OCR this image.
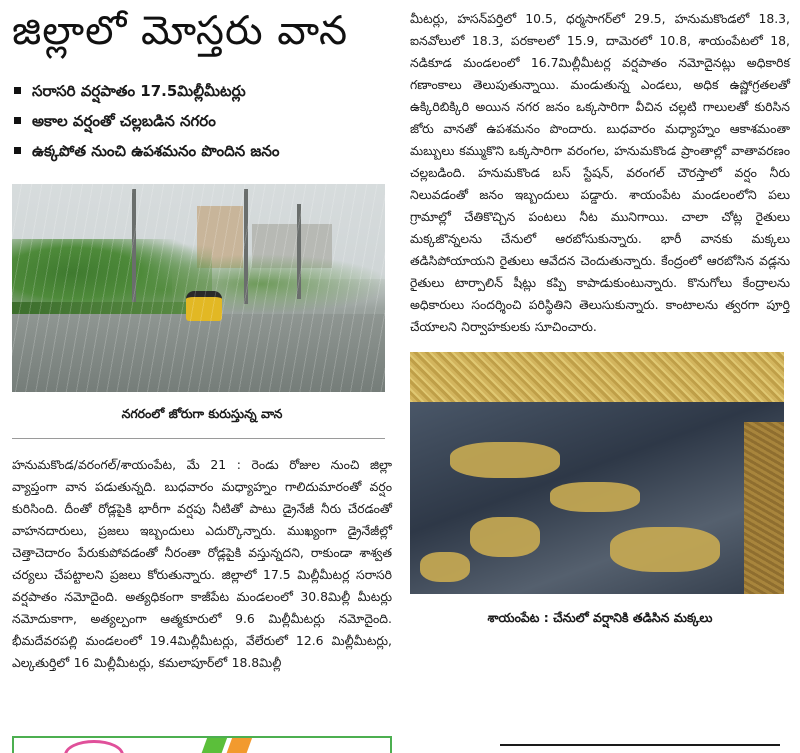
జిల్లాలో మోస్తరు వాన
సరాసరి వర్షపాతం 17.5మిల్లీమీటర్లు
అకాల వర్షంతో చల్లబడిన నగరం
ఉక్కపోత నుంచి ఉపశమనం పొందిన జనం
నగరంలో జోరుగా కురుస్తున్న వాన

హనుమకొండ/వరంగల్/శాయంపేట, మే 21 : రెండు రోజుల నుంచి జిల్లా వ్యాప్తంగా వాన పడుతున్నది. బుధవారం మధ్యాహ్నం గాలిదుమారంతో వర్షం కురిసింది. దీంతో రోడ్లపైకి భారీగా వర్షపు నీటితో పాటు డ్రైనేజీ నీరు చేరడంతో వాహనదారులు, ప్రజలు ఇబ్బందులు ఎదుర్కొన్నారు. ముఖ్యంగా డ్రైనేజీల్లో చెత్తాచెదారం పేరుకుపోవడంతో నీరంతా రోడ్లపైకి వస్తున్నదని, రాకుండా శాశ్వత చర్యలు చేపట్టాలని ప్రజలు కోరుతున్నారు. జిల్లాలో 17.5 మిల్లీమీటర్ల సరాసరి వర్షపాతం నమోదైంది. అత్యధికంగా కాజీపేట మండలంలో 30.8మిల్లీ మీటర్లు నమోదుకాగా, అత్యల్పంగా ఆత్మకూరులో 9.6 మిల్లీమీటర్లు నమోదైంది. భీమదేవరపల్లి మండలంలో 19.4మిల్లీమీటర్లు, వేలేరులో 12.6 మిల్లీమీటర్లు, ఎల్కతుర్తిలో 16 మిల్లీమీటర్లు, కమలాపూర్‌లో 18.8మిల్లీ

మీటర్లు, హసన్‌పర్తిలో 10.5, ధర్మసాగర్‌లో 29.5, హనుమకొండలో 18.3, ఐనవోలులో 18.3, పరకాలలో 15.9, దామెరలో 10.8, శాయంపేటలో 18, నడికూడ మండలంలో 16.7మిల్లీమీటర్ల వర్షపాతం నమోదైనట్లు అధికారిక గణాంకాలు తెలుపుతున్నాయి. మండుతున్న ఎండలు, అధిక ఉష్ణోగ్రతలతో ఉక్కిరిబిక్కిరి అయిన నగర జనం ఒక్కసారిగా వీచిన చల్లటి గాలులతో కురిసిన జోరు వానతో ఉపశమనం పొందారు. బుధవారం మధ్యాహ్నం ఆకాశమంతా మబ్బులు కమ్ముకొని ఒక్కసారిగా వరంగల, హనుమకొండ ప్రాంతాల్లో వాతావరణం చల్లబడింది. హనుమకొండ బస్ స్టేషన్, వరంగల్ చౌరస్తాలో వర్షం నీరు నిలువడంతో జనం ఇబ్బందులు పడ్డారు. శాయంపేట మండలంలోని పలు గ్రామాల్లో చేతికొచ్చిన పంటలు నీట మునిగాయి. చాలా చోట్ల రైతులు మక్కజొన్నలను చేనులో ఆరబోసుకున్నారు. భారీ వానకు మక్కలు తడిసిపోయాయని రైతులు ఆవేదన చెందుతున్నారు. కేంద్రంలో ఆరబోసిన వడ్లను రైతులు టార్పాలిన్ షీట్లు కప్పి కాపాడుకుంటున్నారు. కొనుగోలు కేంద్రాలను అధికారులు సందర్శించి పరిస్థితిని తెలుసుకున్నారు. కాంటాలను త్వరగా పూర్తి చేయాలని నిర్వాహకులకు సూచించారు.

శాయంపేట : చేనులో వర్షానికి తడిసిన మక్కలు
